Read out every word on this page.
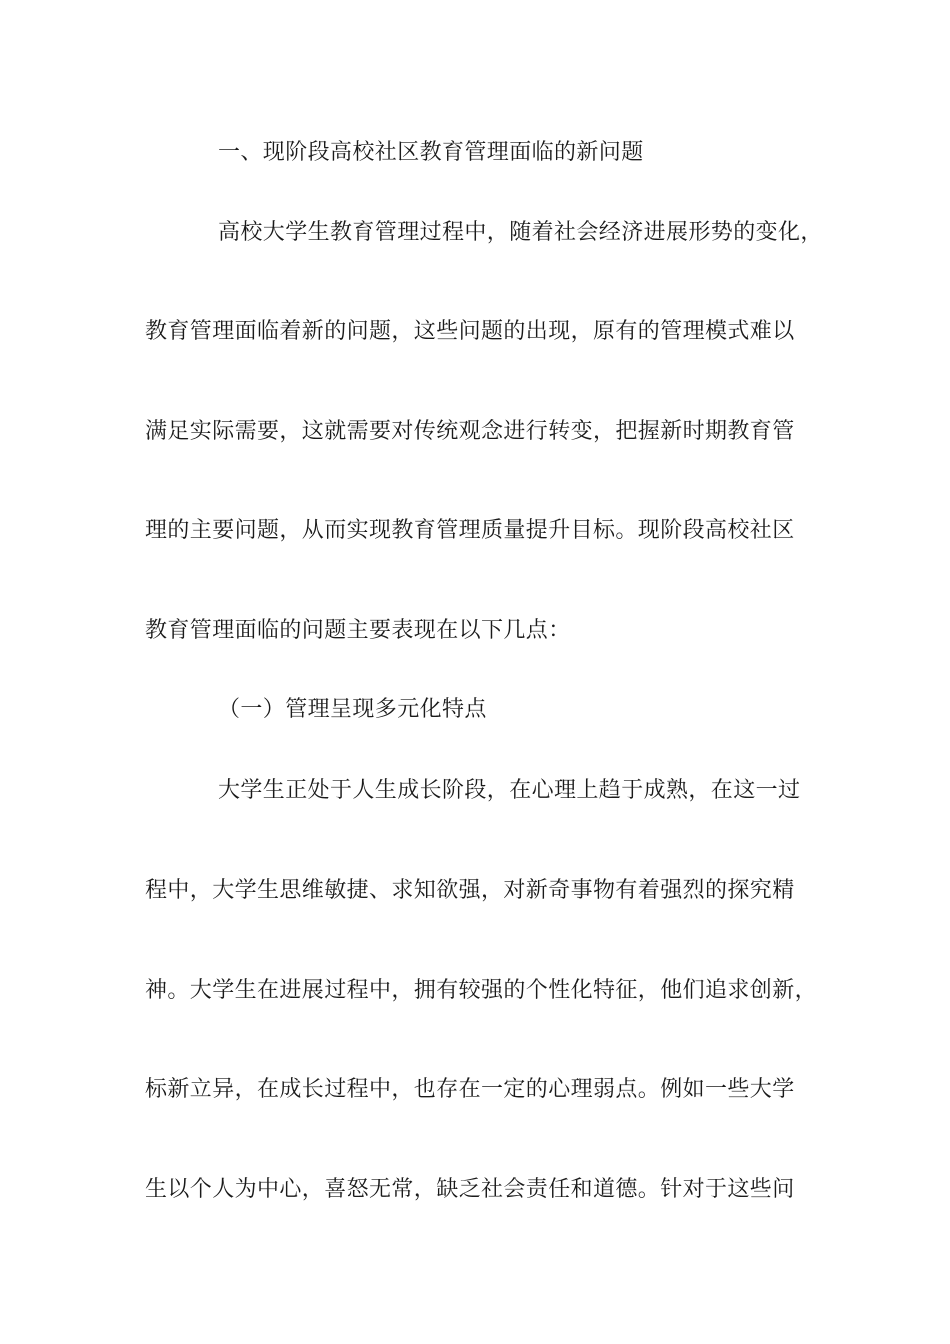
一、现阶段高校社区教育管理面临的新问题
高校大学生教育管理过程中，随着社会经济进展形势的变化，
教育管理面临着新的问题，这些问题的出现，原有的管理模式难以
满足实际需要，这就需要对传统观念进行转变，把握新时期教育管
理的主要问题，从而实现教育管理质量提升目标。现阶段高校社区
教育管理面临的问题主要表现在以下几点：
（一）管理呈现多元化特点
大学生正处于人生成长阶段，在心理上趋于成熟，在这一过
程中，大学生思维敏捷、求知欲强，对新奇事物有着强烈的探究精
神。大学生在进展过程中，拥有较强的个性化特征，他们追求创新，
标新立异，在成长过程中，也存在一定的心理弱点。例如一些大学
生以个人为中心，喜怒无常，缺乏社会责任和道德。针对于这些问
